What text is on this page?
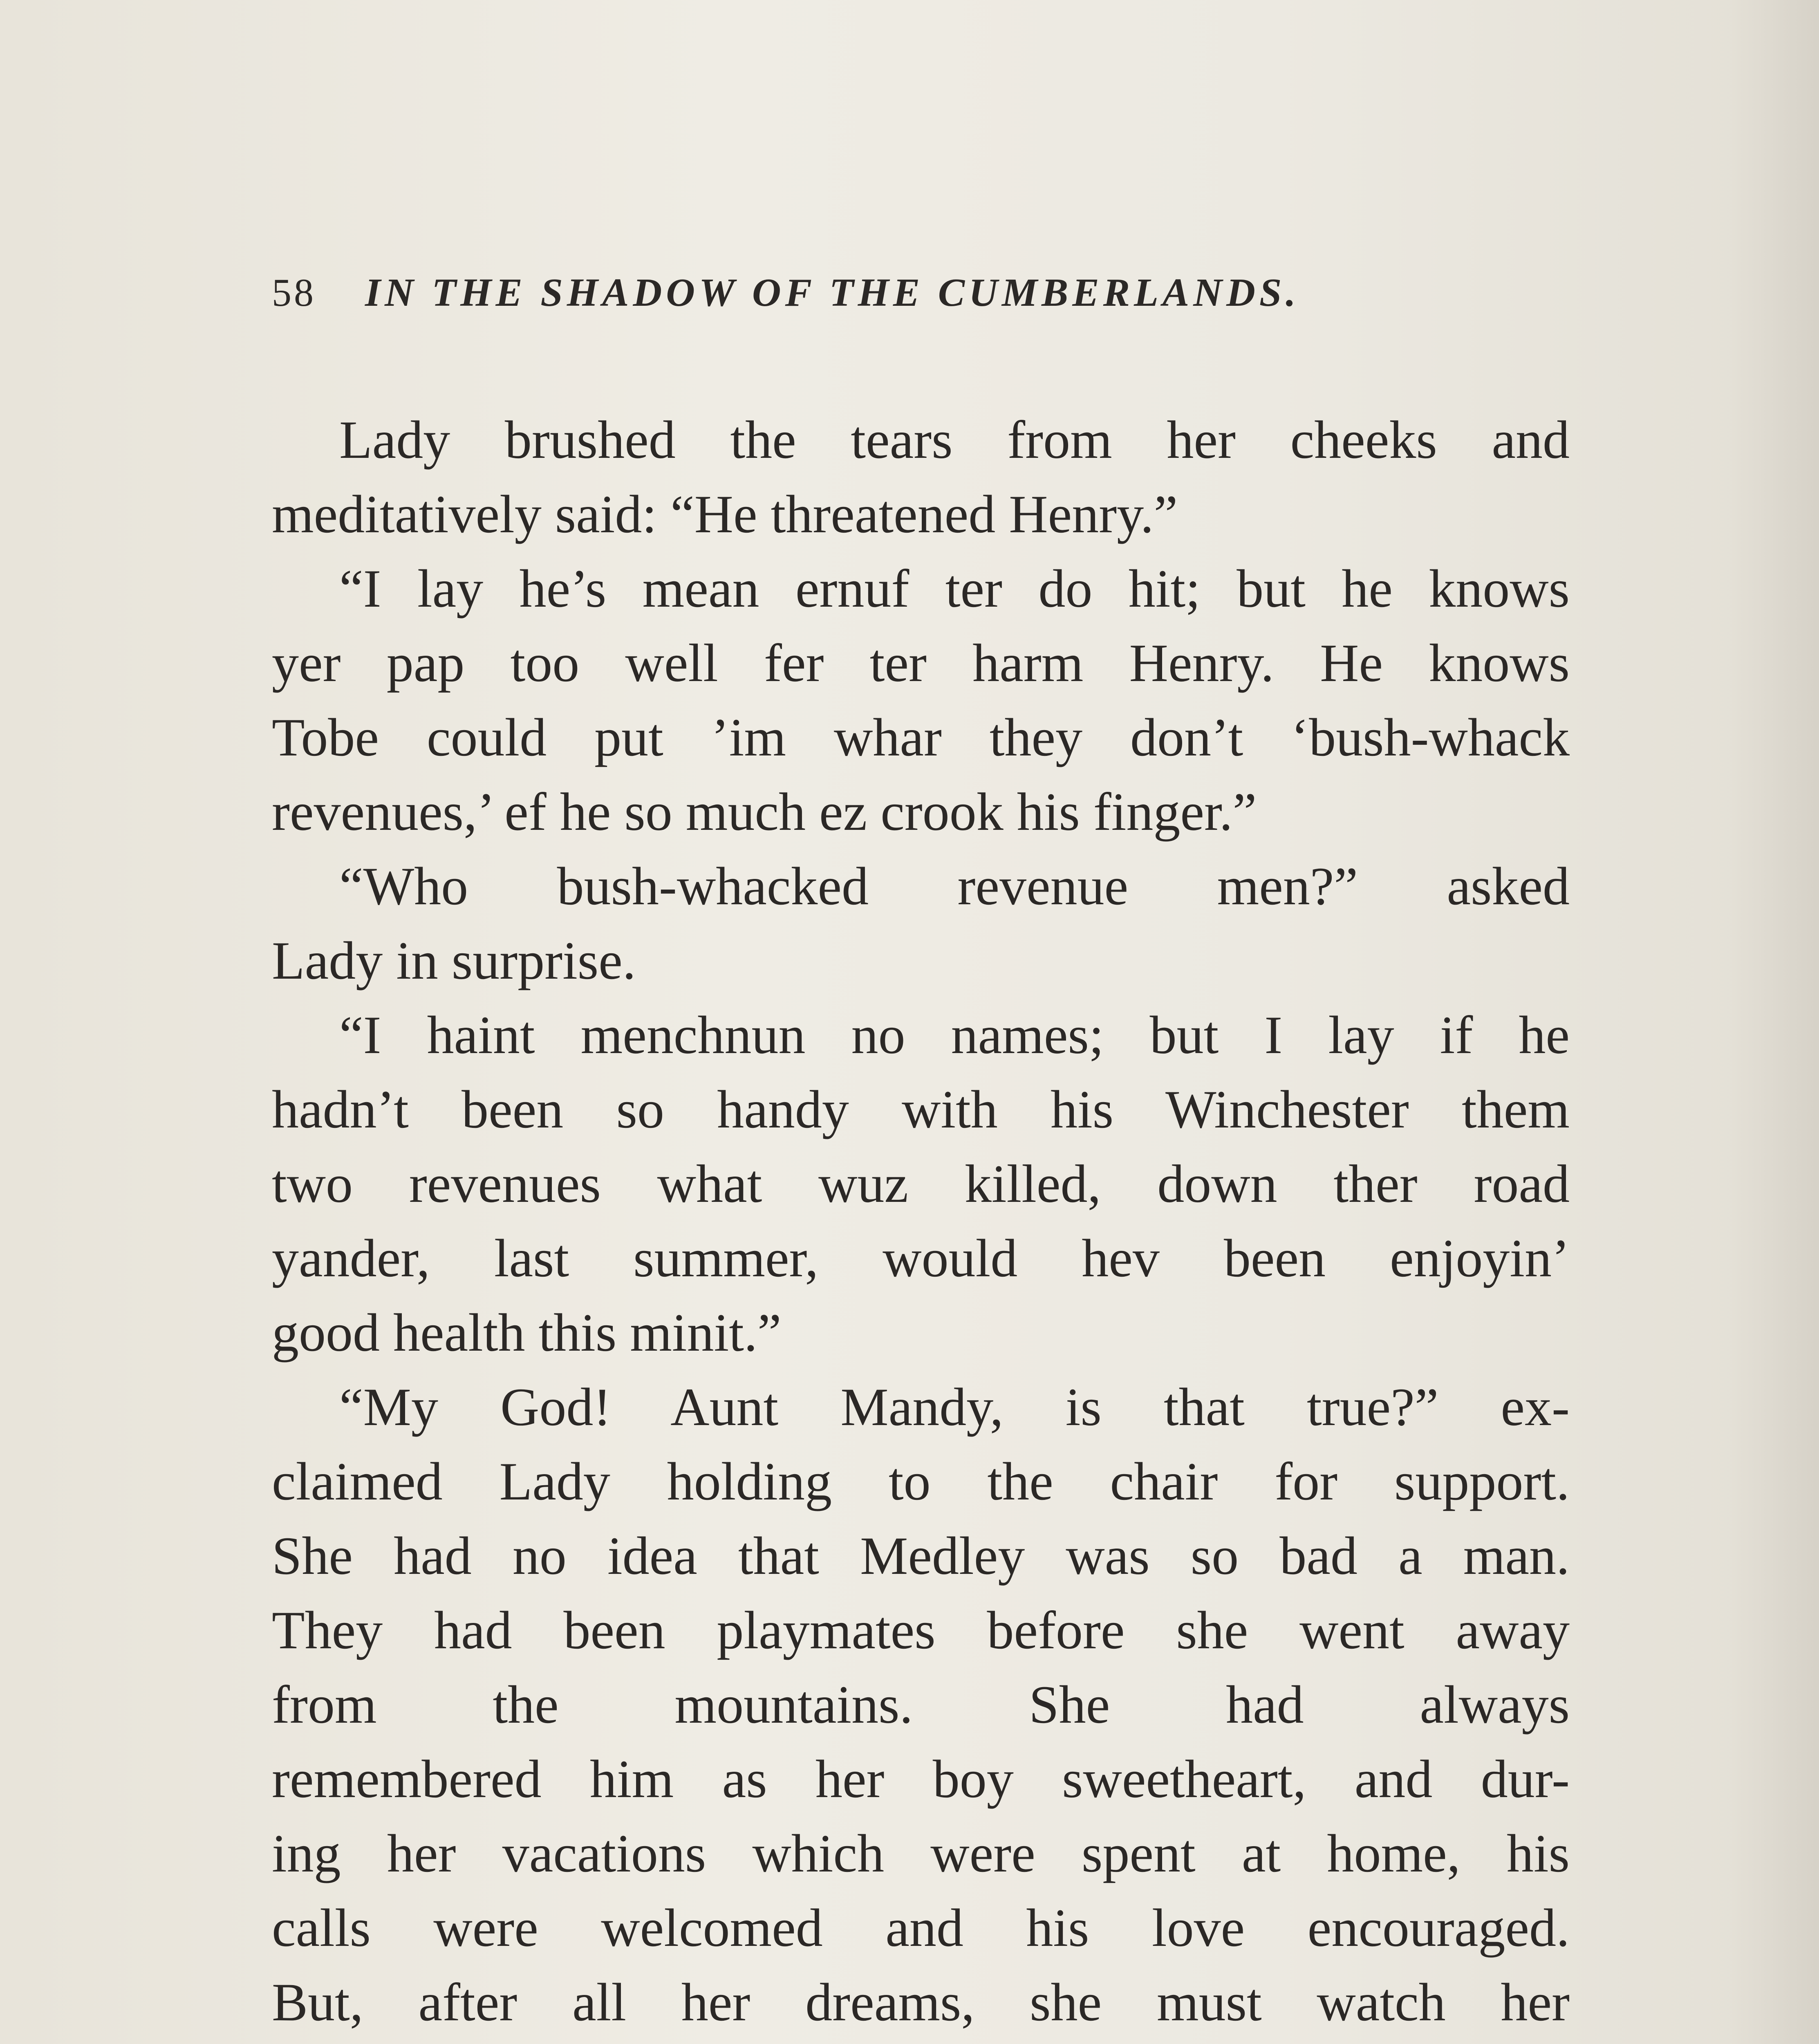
58 IN THE SHADOW OF THE CUMBERLANDS.
Lady brushed the tears from her cheeks and
meditatively said: “He threatened Henry.”
“I lay he’s mean ernuf ter do hit; but he knows
yer pap too well fer ter harm Henry. He knows
Tobe could put ’im whar they don’t ‘bush-whack
revenues,’ ef he so much ez crook his finger.”
“Who bush-whacked revenue men?” asked
Lady in surprise.
“I haint menchnun no names; but I lay if he
hadn’t been so handy with his Winchester them
two revenues what wuz killed, down ther road
yander, last summer, would hev been enjoyin’
good health this minit.”
“My God! Aunt Mandy, is that true?” ex-
claimed Lady holding to the chair for support.
She had no idea that Medley was so bad a man.
They had been playmates before she went away
from the mountains. She had always
remembered him as her boy sweetheart, and dur-
ing her vacations which were spent at home, his
calls were welcomed and his love encouraged.
But, after all her dreams, she must watch her
